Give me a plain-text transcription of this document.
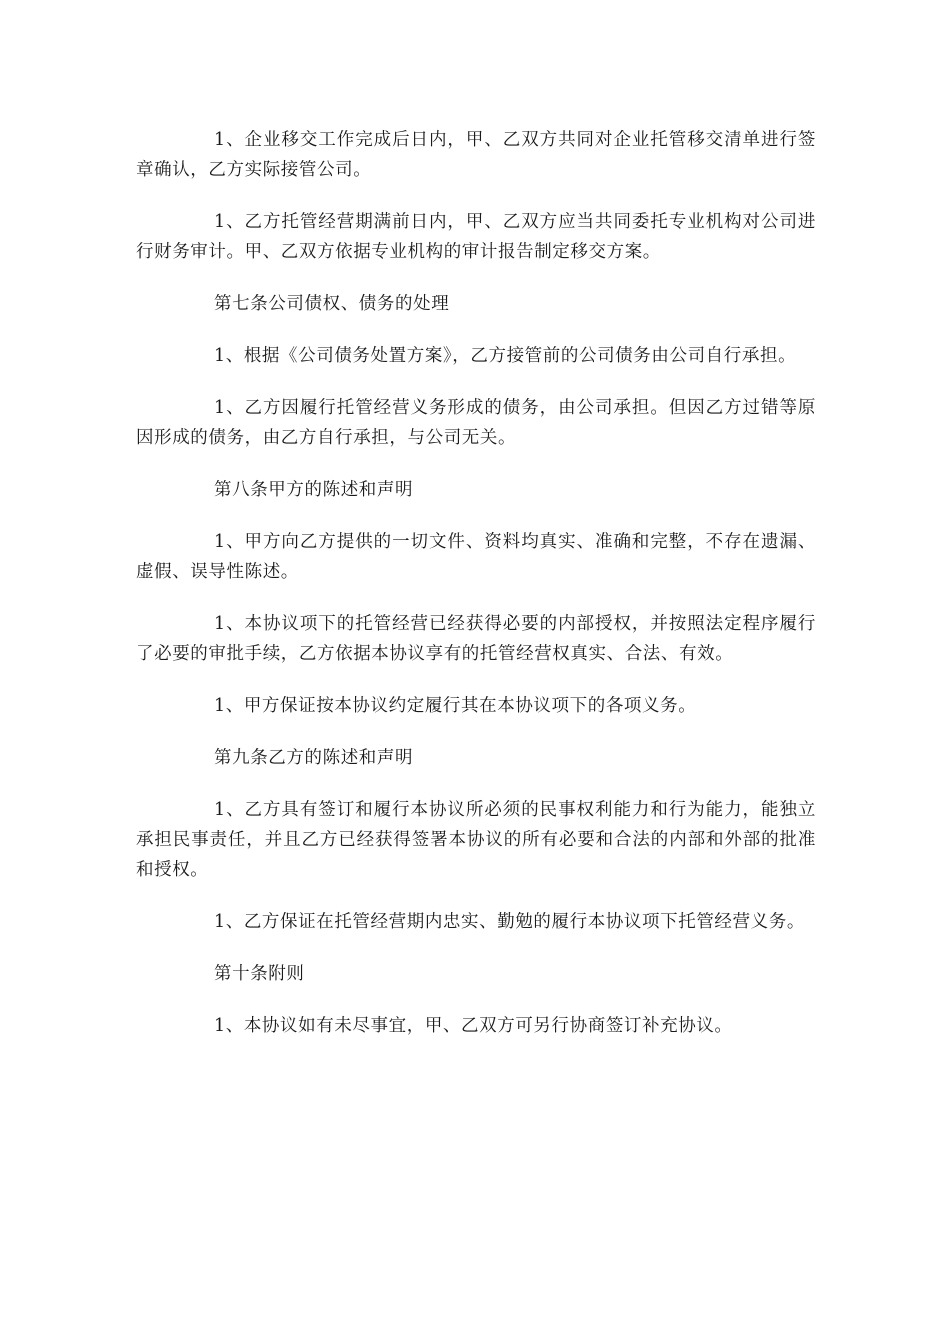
1、企业移交工作完成后日内，甲、乙双方共同对企业托管移交清单进行签章确认，乙方实际接管公司。

1、乙方托管经营期满前日内，甲、乙双方应当共同委托专业机构对公司进行财务审计。甲、乙双方依据专业机构的审计报告制定移交方案。

第七条公司债权、债务的处理

1、根据《公司债务处置方案》，乙方接管前的公司债务由公司自行承担。

1、乙方因履行托管经营义务形成的债务，由公司承担。但因乙方过错等原因形成的债务，由乙方自行承担，与公司无关。

第八条甲方的陈述和声明

1、甲方向乙方提供的一切文件、资料均真实、准确和完整，不存在遗漏、虚假、误导性陈述。

1、本协议项下的托管经营已经获得必要的内部授权，并按照法定程序履行了必要的审批手续，乙方依据本协议享有的托管经营权真实、合法、有效。

1、甲方保证按本协议约定履行其在本协议项下的各项义务。

第九条乙方的陈述和声明

1、乙方具有签订和履行本协议所必须的民事权利能力和行为能力，能独立承担民事责任，并且乙方已经获得签署本协议的所有必要和合法的内部和外部的批准和授权。

1、乙方保证在托管经营期内忠实、勤勉的履行本协议项下托管经营义务。

第十条附则

1、本协议如有未尽事宜，甲、乙双方可另行协商签订补充协议。
